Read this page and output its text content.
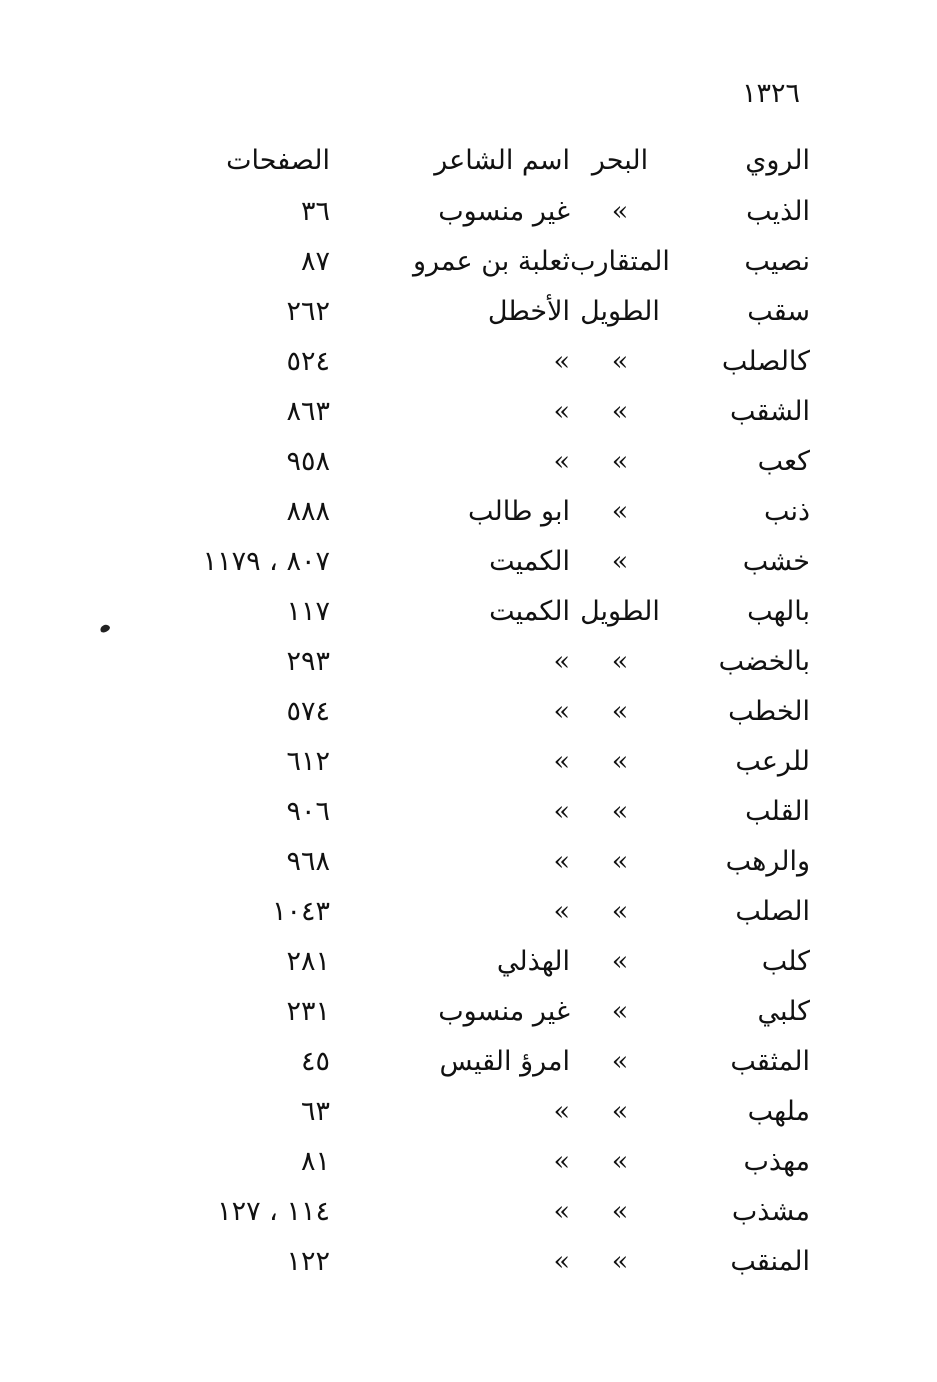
١٣٢٦
الروي
البحر
اسم الشاعر
الصفحات
الذيب
»
غير منسوب
٣٦
نصيب
المتقارب
ثعلبة بن عمرو
٨٧
سقب
الطويل
الأخطل
٢٦٢
كالصلب
»
»
٥٢٤
الشقب
»
»
٨٦٣
كعب
»
»
٩٥٨
ذنب
»
ابو طالب
٨٨٨
خشب
»
الكميت
٨٠٧ ، ١١٧٩
بالهب
الطويل
الكميت
١١٧
بالخضب
»
»
٢٩٣
الخطب
»
»
٥٧٤
للرعب
»
»
٦١٢
القلب
»
»
٩٠٦
والرهب
»
»
٩٦٨
الصلب
»
»
١٠٤٣
كلب
»
الهذلي
٢٨١
كلبي
»
غير منسوب
٢٣١
المثقب
»
امرؤ القيس
٤٥
ملهب
»
»
٦٣
مهذب
»
»
٨١
مشذب
»
»
١١٤ ، ١٢٧
المنقب
»
»
١٢٢
